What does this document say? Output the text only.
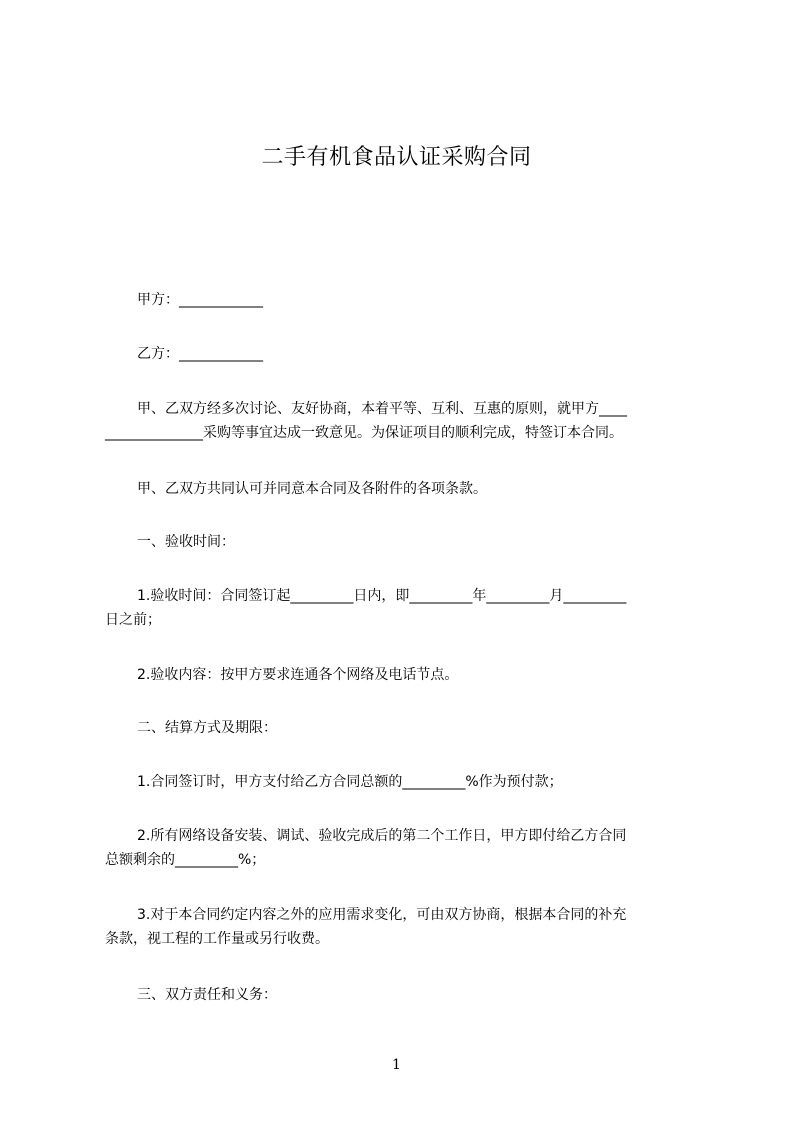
二手有机食品认证采购合同

甲方：____________

乙方：____________

甲、乙双方经多次讨论、友好协商，本着平等、互利、互惠的原则，就甲方____
______________采购等事宜达成一致意见。为保证项目的顺利完成，特签订本合同。

甲、乙双方共同认可并同意本合同及各附件的各项条款。

一、验收时间：

1.验收时间：合同签订起_________日内，即_________年_________月_________
日之前；

2.验收内容：按甲方要求连通各个网络及电话节点。

二、结算方式及期限：

1.合同签订时，甲方支付给乙方合同总额的_________%作为预付款；

2.所有网络设备安装、调试、验收完成后的第二个工作日，甲方即付给乙方合同
总额剩余的_________%；

3.对于本合同约定内容之外的应用需求变化，可由双方协商，根据本合同的补充
条款，视工程的工作量或另行收费。

三、双方责任和义务：

1
